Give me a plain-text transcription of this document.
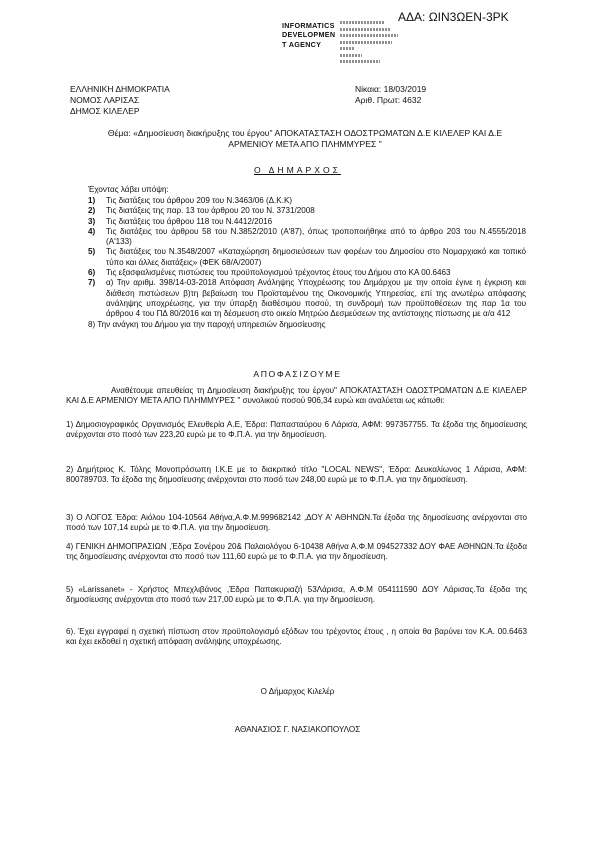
ΑΔΑ: ΩΙΝ3ΩΕΝ-3ΡΚ
INFORMATICS
DEVELOPMEN
T AGENCY
ΕΛΛΗΝΙΚΗ ΔΗΜΟΚΡΑΤΙΑ
ΝΟΜΟΣ ΛΑΡΙΣΑΣ
ΔΗΜΟΣ ΚΙΛΕΛΕΡ
Νίκαια: 18/03/2019
Αριθ. Πρωτ: 4632
Θέμα: «Δημοσίευση διακήρυξης του έργου" ΑΠΟΚΑΤΑΣΤΑΣΗ ΟΔΟΣΤΡΩΜΑΤΩΝ Δ.Ε ΚΙΛΕΛΕΡ ΚΑΙ Δ.Ε ΑΡΜΕΝΙΟΥ ΜΕΤΑ ΑΠΟ ΠΛΗΜΜΥΡΕΣ "
Ο ΔΗΜΑΡΧΟΣ
Έχοντας λάβει υπόψη:
1) Τις διατάξεις του άρθρου 209 του Ν.3463/06 (Δ.Κ.Κ)
2) Τις διατάξεις της παρ. 13 του άρθρου 20 του Ν. 3731/2008
3) Τις διατάξεις του άρθρου 118 του Ν.4412/2016
4) Τις διατάξεις του άρθρου 58 του Ν.3852/2010 (Α'87), όπως τροποποιήθηκε από το άρθρο 203 του Ν.4555/2018 (Α'133)
5) Τις διατάξεις του Ν.3548/2007 «Καταχώρηση δημοσιεύσεων των φορέων του Δημοσίου στο Νομαρχιακό και τοπικό τύπο και άλλες διατάξεις» (ΦΕΚ 68/Α/2007)
6) Τις εξασφαλισμένες πιστώσεις του προϋπολογισμού τρέχοντος έτους του Δήμου στο ΚΑ 00.6463
7) α) Την αριθμ. 398/14-03-2018 Απόφαση Ανάληψης Υποχρέωσης του Δημάρχου με την οποία έγινε η έγκριση και διάθεση πιστώσεων β)τη βεβαίωση του Προϊσταμένου της Οικονομικής Υπηρεσίας, επί της ανωτέρω απόφασης ανάληψης υποχρέωσης, για την ύπαρξη διαθέσιμου ποσού, τη συνδρομή των προϋποθέσεων της παρ 1α του άρθρου 4 του ΠΔ 80/2016 και τη δέσμευση στο οικείο Μητρώο Δεσμεύσεων της αντίστοιχης πίστωσης με α/α 412
8) Την ανάγκη του Δήμου για την παροχή υπηρεσιών δημοσίευσης
ΑΠΟΦΑΣΙΖΟΥΜΕ
Αναθέτουμε απευθείας τη Δημοσίευση διακήρυξης του έργου" ΑΠΟΚΑΤΑΣΤΑΣΗ ΟΔΟΣΤΡΩΜΑΤΩΝ Δ.Ε ΚΙΛΕΛΕΡ ΚΑΙ Δ.Ε ΑΡΜΕΝΙΟΥ ΜΕΤΑ ΑΠΟ ΠΛΗΜΜΥΡΕΣ " συνολικού ποσού 906,34 ευρώ και αναλύεται ως κάτωθι:
1) Δημοσιογραφικός Οργανισμός Ελευθερία Α.Ε, Έδρα: Παπασταύρου 6 Λάρισα, ΑΦΜ: 997357755. Τα έξοδα της δημοσίευσης ανέρχονται στο ποσό των 223,20 ευρώ με το Φ.Π.Α. για την δημοσίευση.
2) Δημήτριος Κ. Τόλης Μονοπρόσωπη Ι.Κ.Ε με το διακριτικό τίτλο "LOCAL NEWS", Έδρα: Δευκαλίωνος 1 Λάρισα, ΑΦΜ: 800789703. Τα έξοδα της δημοσίευσης ανέρχονται στο ποσό των 248,00 ευρώ με το Φ.Π.Α. για την δημοσίευση.
3) Ο ΛΟΓΟΣ Έδρα: Αιόλου 104-10564 Αθήνα,Α.Φ.Μ.999682142 ,ΔΟΥ Α' ΑΘΗΝΩΝ.Τα έξοδα της δημοσίευσης ανέρχονται στο ποσό των 107,14 ευρώ με το Φ.Π.Α. για την δημοσίευση.
4) ΓΕΝΙΚΗ ΔΗΜΟΠΡΑΣΙΩΝ ,Έδρα Σονέρου 20& Παλαιολόγου 6-10438 Αθήνα Α.Φ.Μ 094527332 ΔΟΥ ΦΑΕ ΑΘΗΝΩΝ.Τα έξοδα της δημοσίευσης ανέρχονται στο ποσό των 111,60 ευρώ με το Φ.Π.Α. για την δημοσίευση.
5) «Larissanet» - Χρήστος Μπεχλιβάνος ,Έδρα Παπακυριαζή 53Λάρισα, Α.Φ.Μ 054111590 ΔΟΥ Λάρισας.Τα έξοδα της δημοσίευσης ανέρχονται στο ποσό των 217,00 ευρώ με το Φ.Π.Α. για την δημοσίευση.
6). Έχει εγγραφεί η σχετική πίστωση στον προϋπολογισμό εξόδων του τρέχοντος έτους , η οποία θα βαρύνει τον Κ.Α. 00.6463 και έχει εκδοθεί η σχετική απόφαση ανάληψης υποχρέωσης.
Ο Δήμαρχος Κιλελέρ
ΑΘΑΝΑΣΙΟΣ Γ. ΝΑΣΙΑΚΟΠΟΥΛΟΣ
